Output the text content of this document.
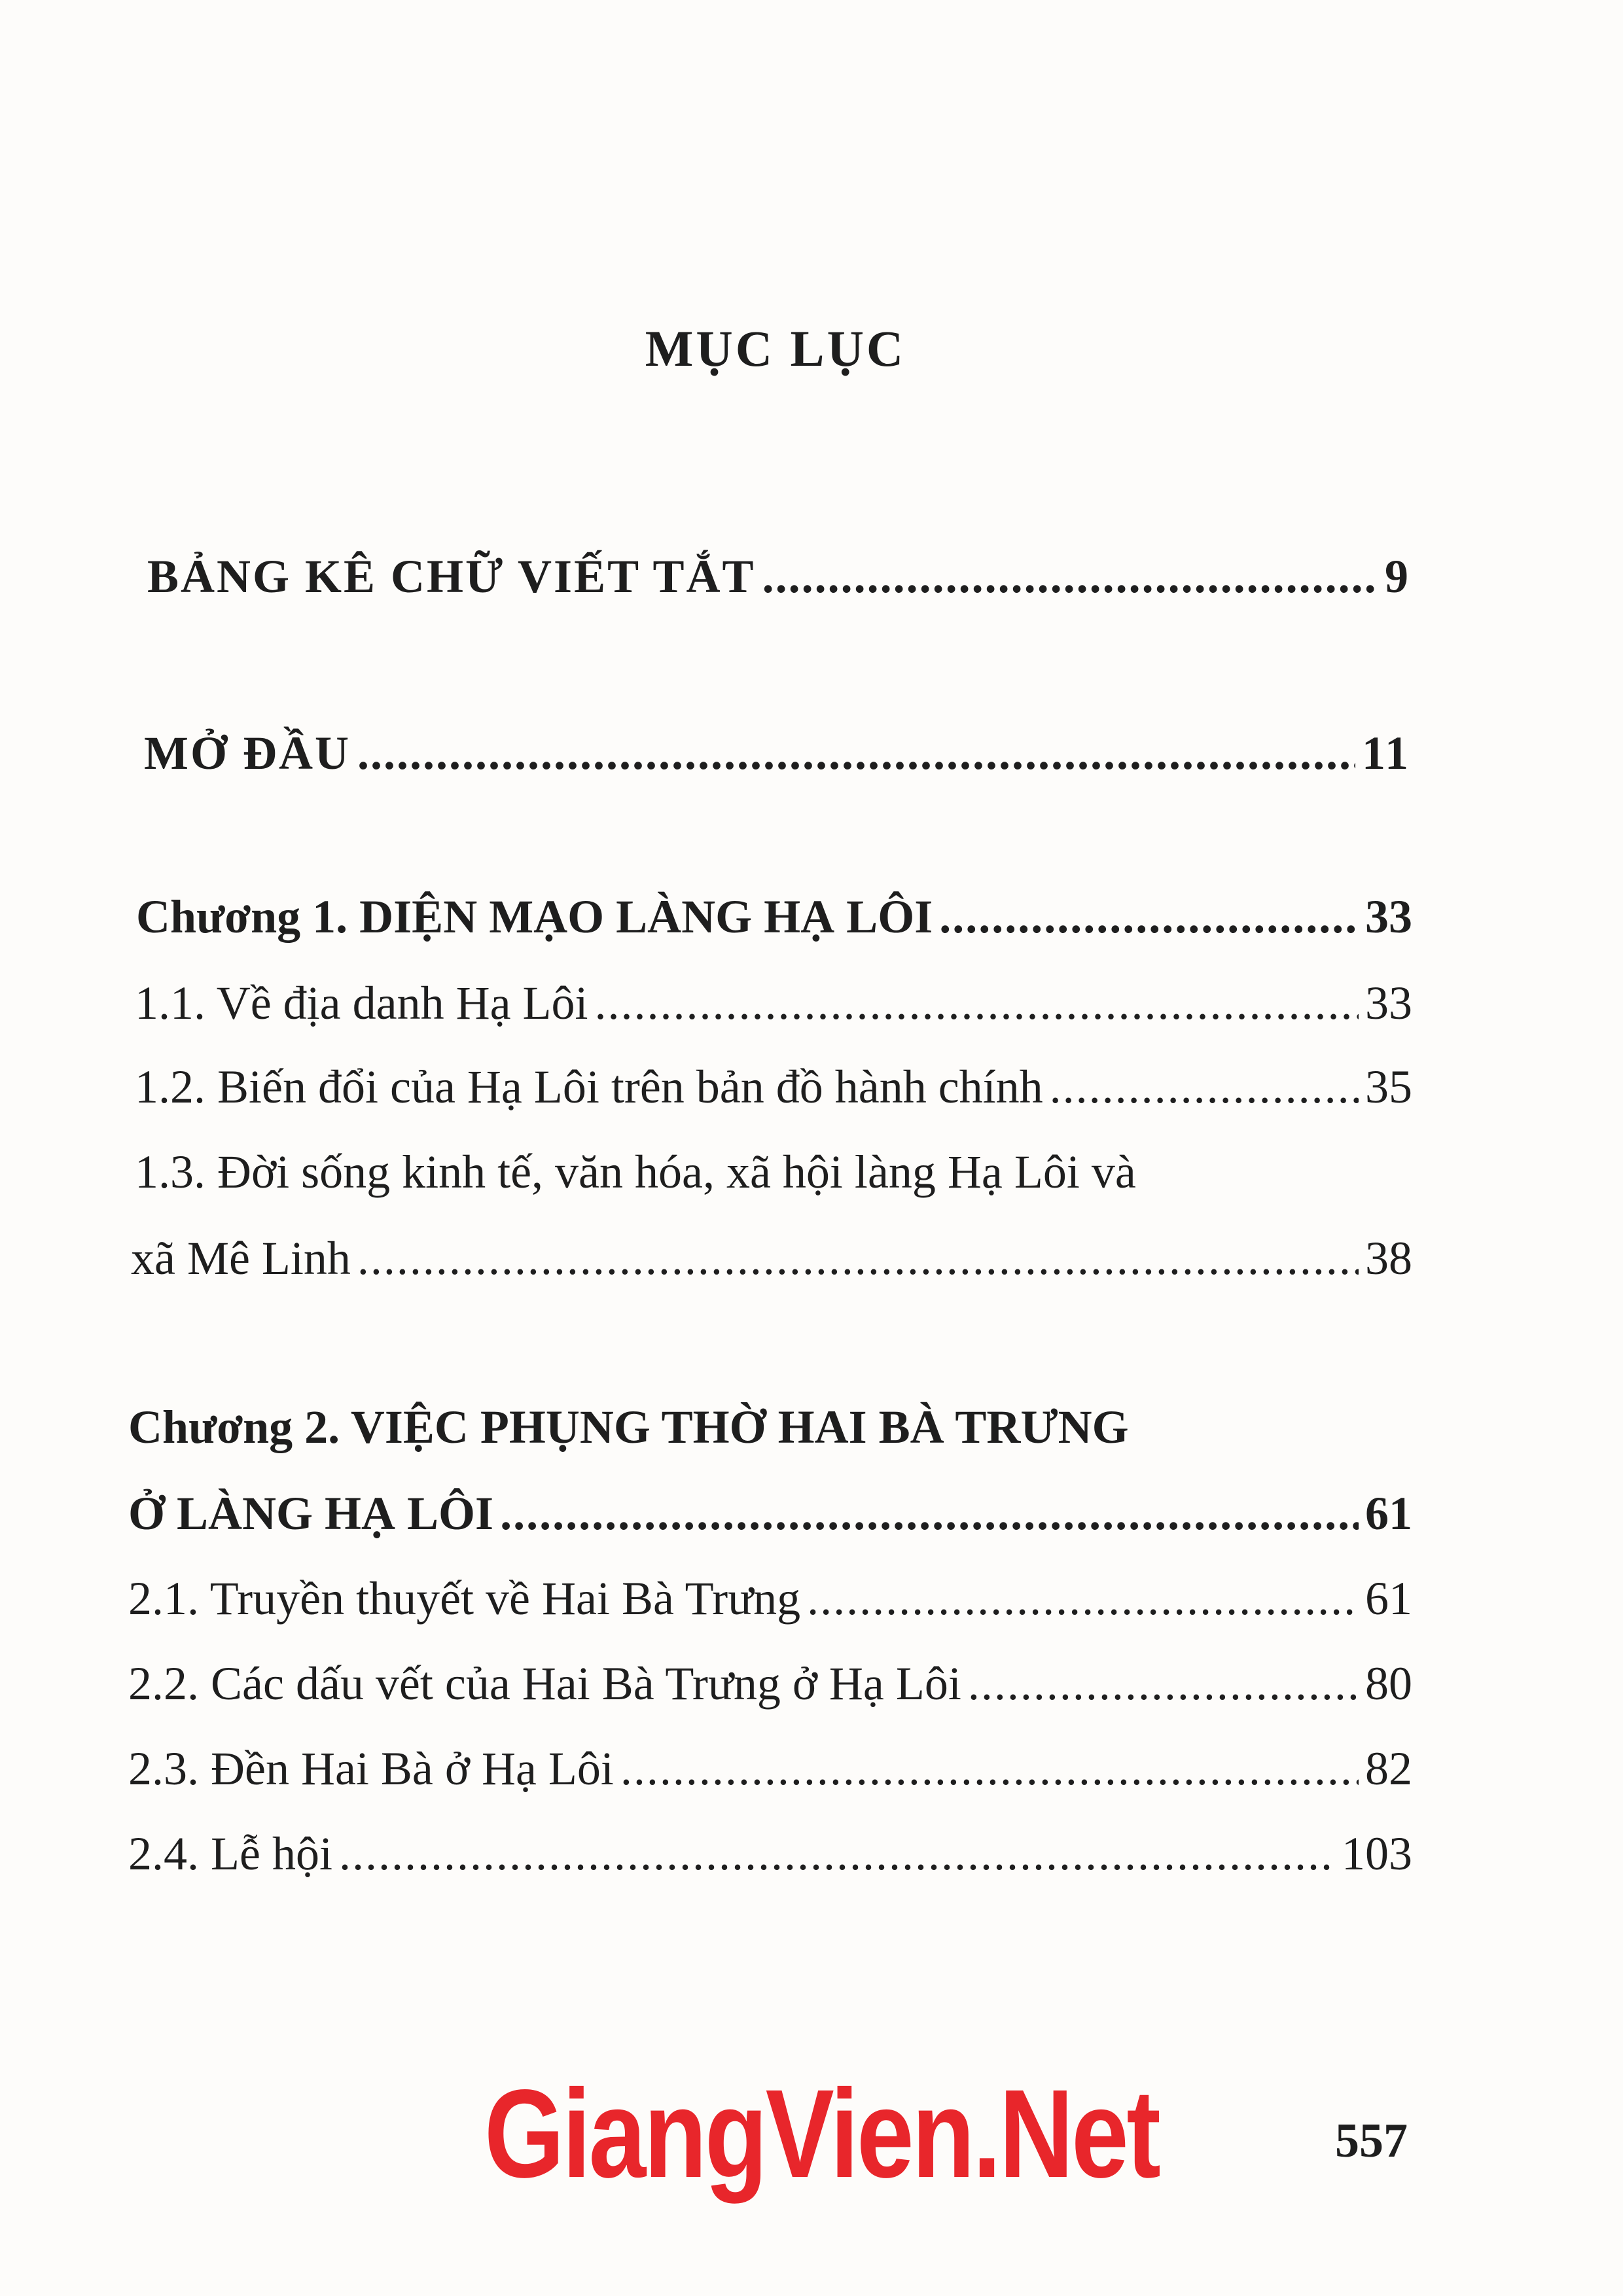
MỤC LỤC
BẢNG KÊ CHỮ VIẾT TẮT .....	9
MỞ ĐẦU .....	11
Chương 1. DIỆN MẠO LÀNG HẠ LÔI .....	33
1.1. Về địa danh Hạ Lôi .....	33
1.2. Biến đổi của Hạ Lôi trên bản đồ hành chính .....	35
1.3. Đời sống kinh tế, văn hóa, xã hội làng Hạ Lôi và
xã Mê Linh .....	38
Chương 2. VIỆC PHỤNG THỜ HAI BÀ TRƯNG
Ở LÀNG HẠ LÔI .....	61
2.1. Truyền thuyết về Hai Bà Trưng .....	61
2.2. Các dấu vết của Hai Bà Trưng ở Hạ Lôi .....	80
2.3. Đền Hai Bà ở Hạ Lôi .....	82
2.4. Lễ hội .....	103
GiangVien.Net	557
